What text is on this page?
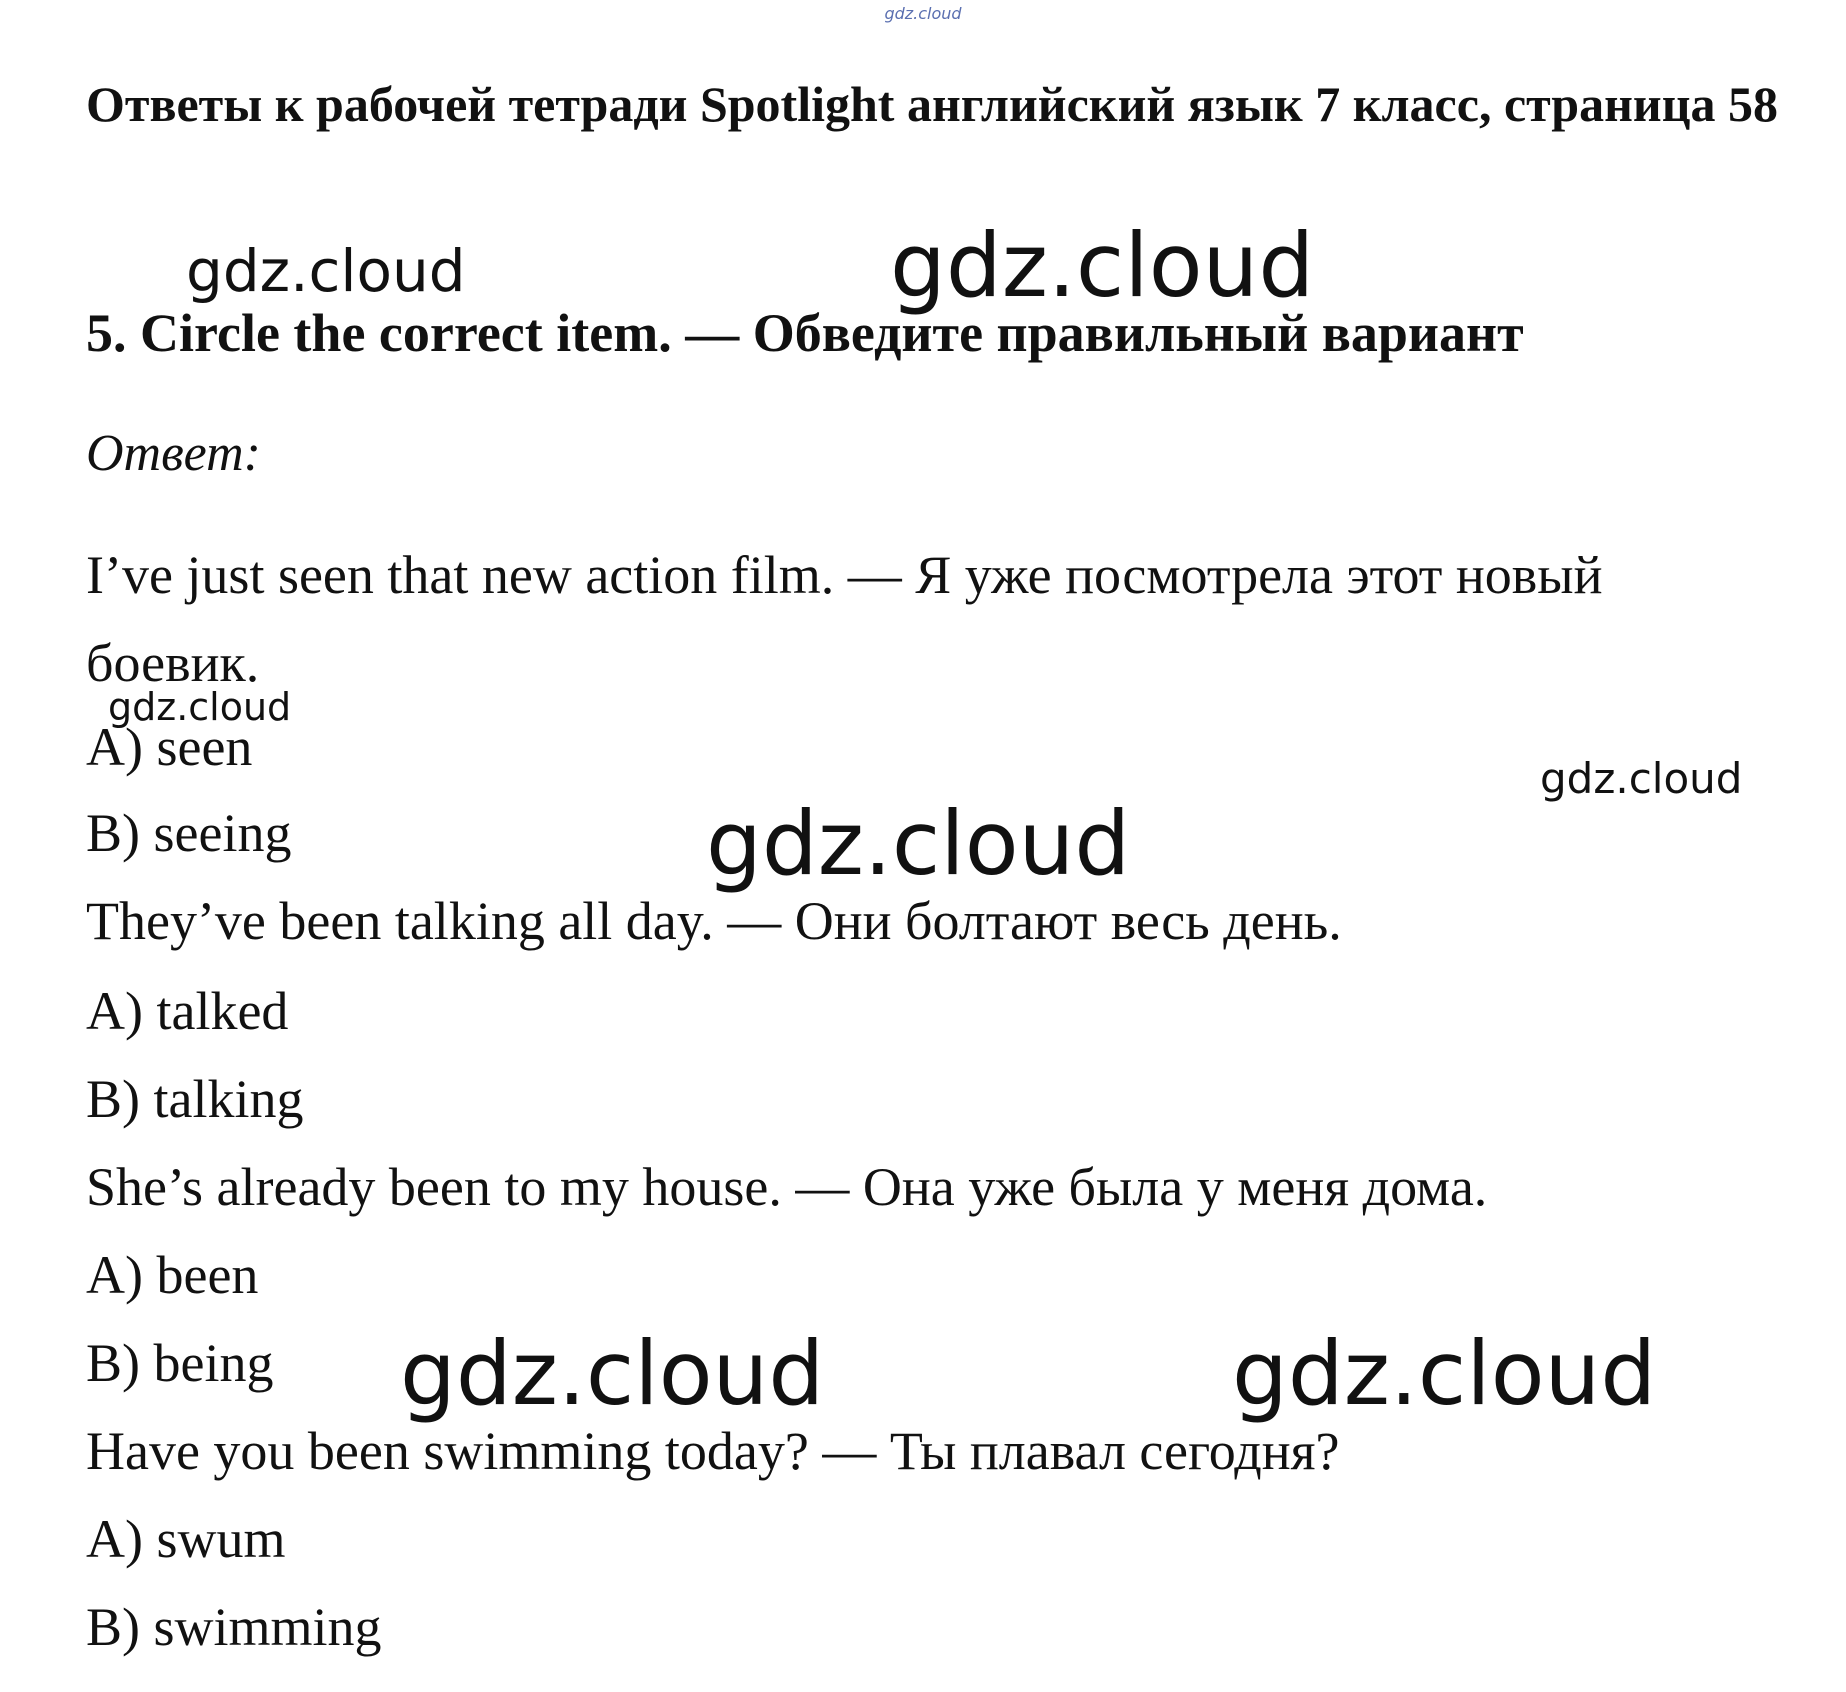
gdz.cloud
Ответы к рабочей тетради Spotlight английский язык 7 класс, страница 58
gdz.cloud	gdz.cloud
5. Circle the correct item. — Обведите правильный вариант
Ответ:
I’ve just seen that new action film. — Я уже посмотрела этот новый
боевик.
gdz.cloud
A) seen
gdz.cloud
B) seeing	gdz.cloud
They’ve been talking all day. — Они болтают весь день.
A) talked
B) talking
She’s already been to my house. — Она уже была у меня дома.
A) been
B) being gdz.cloud	gdz.cloud
Have you been swimming today? — Ты плавал сегодня?
A) swum
B) swimming
